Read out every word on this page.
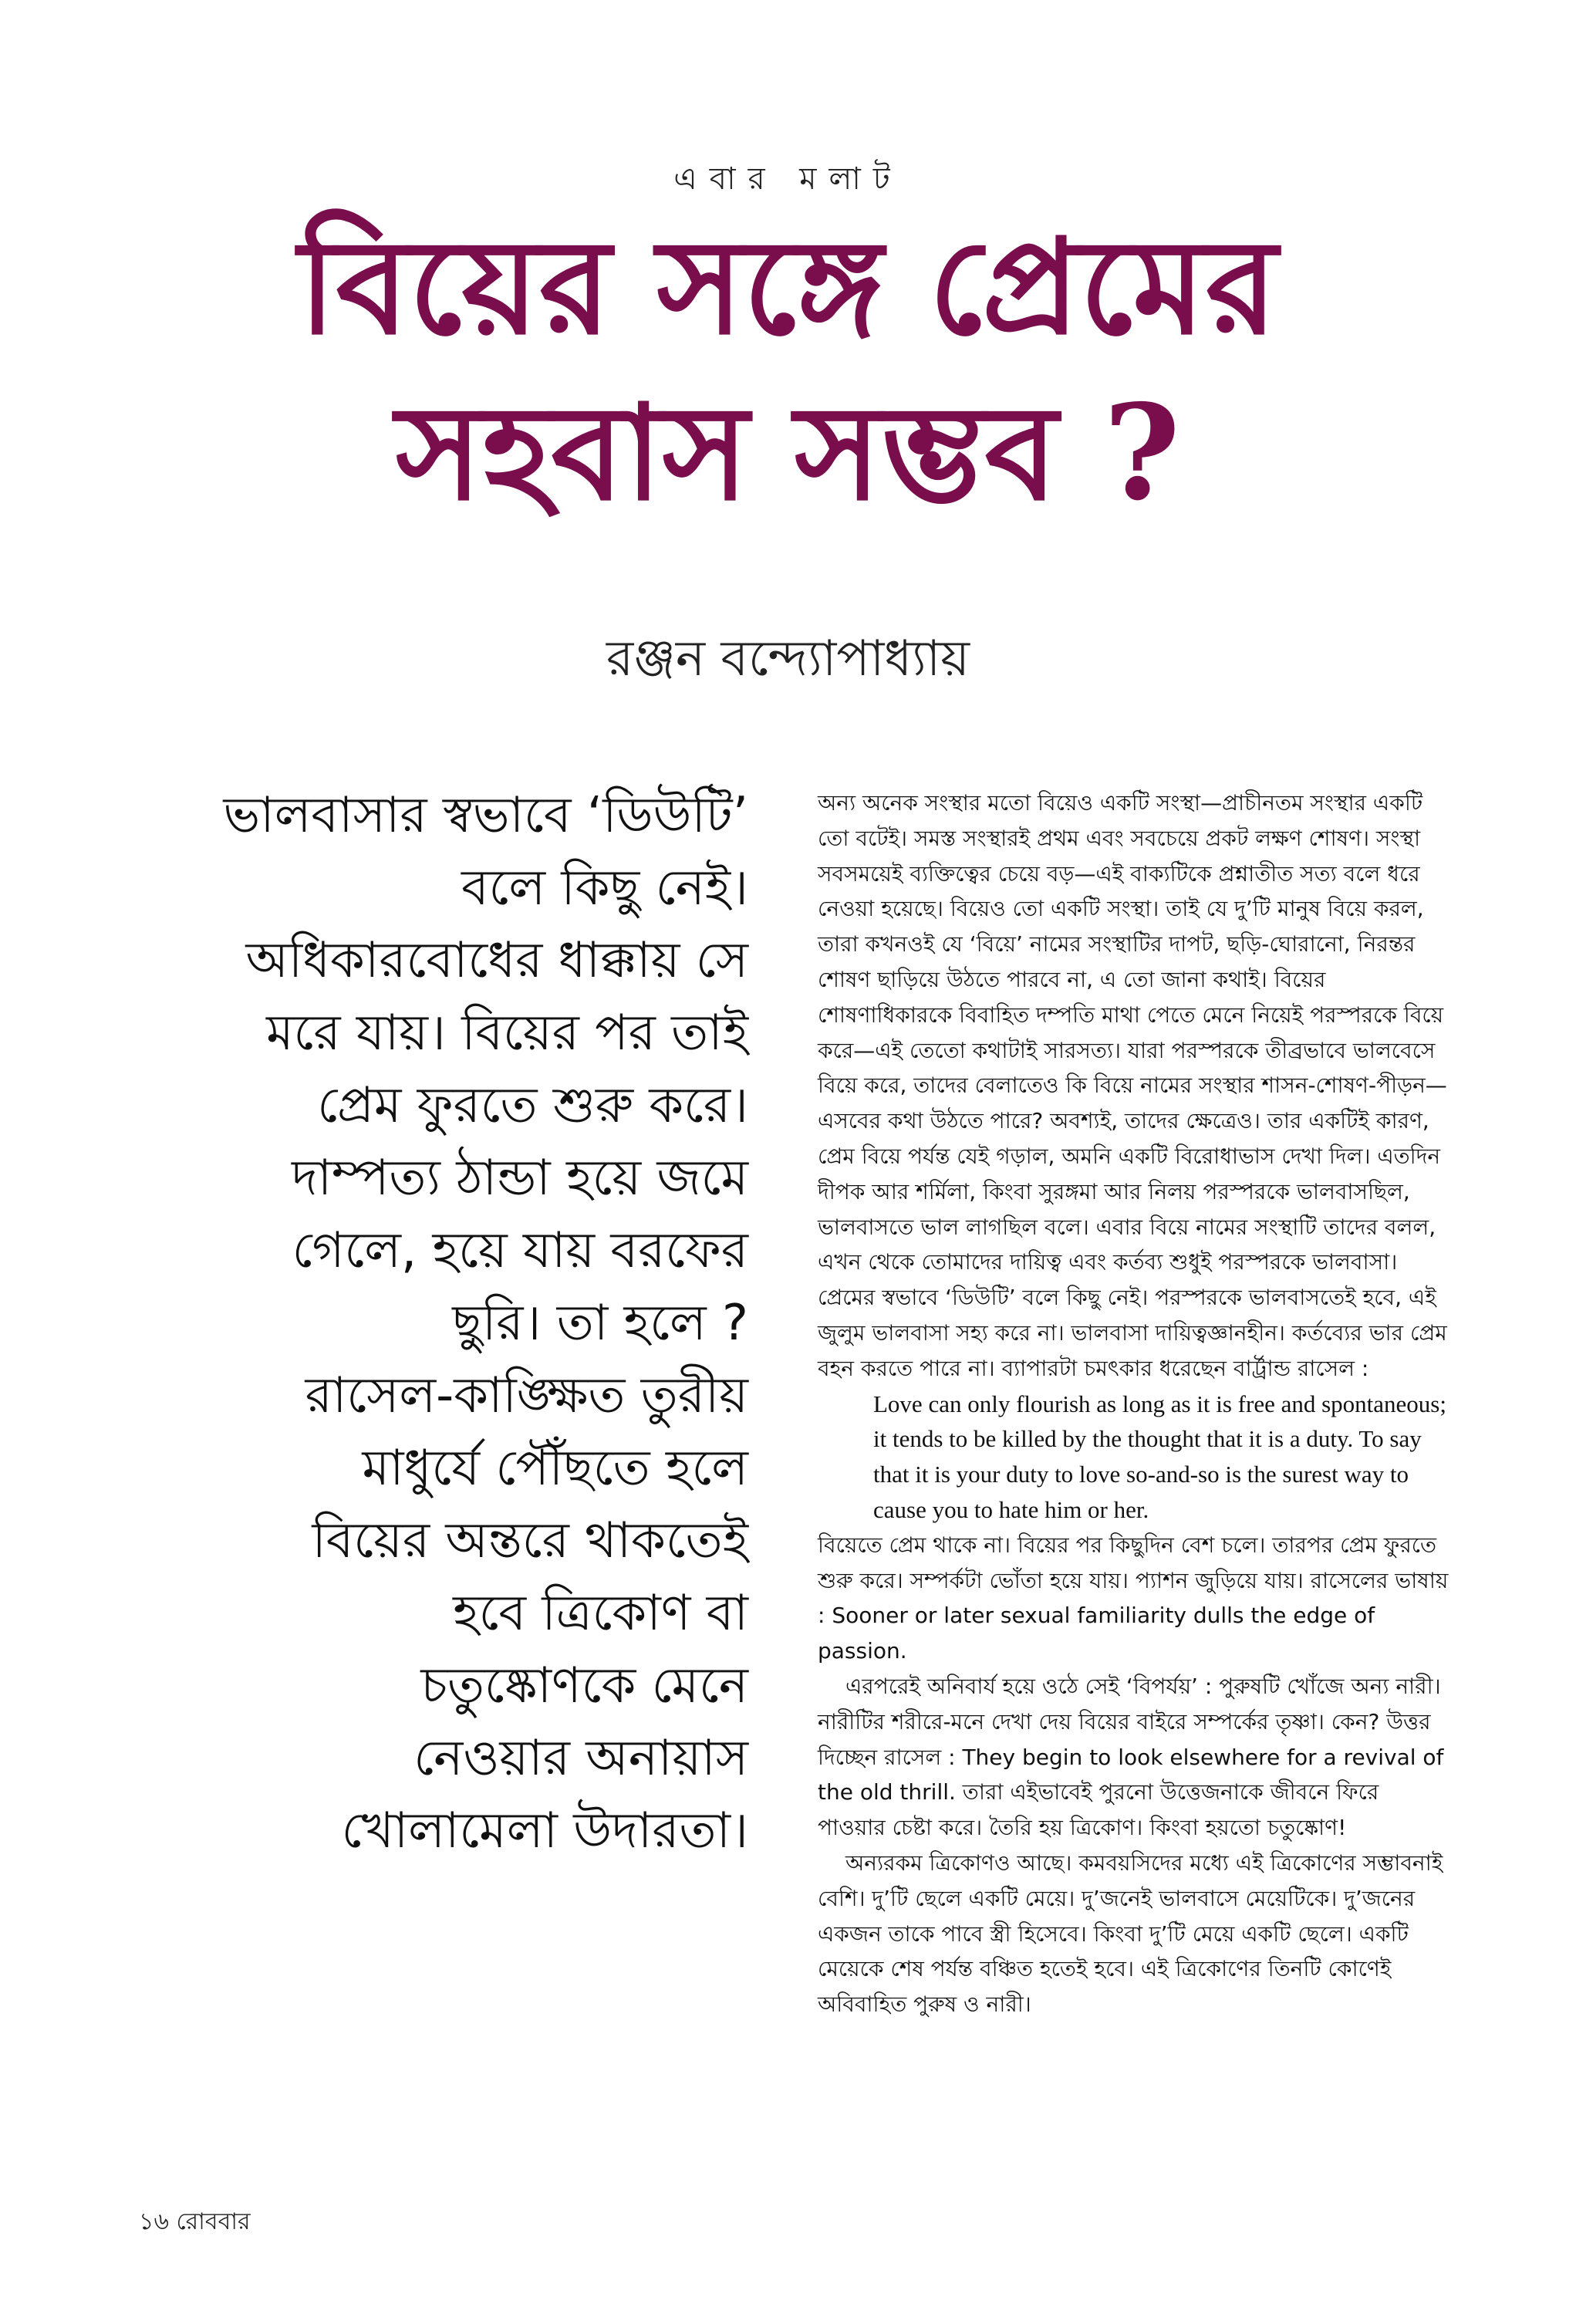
এবার মলাট
বিয়ের সঙ্গে প্রেমের
সহবাস সম্ভব ?
রঞ্জন বন্দ্যোপাধ্যায়
ভালবাসার স্বভাবে ‘ডিউটি’
বলে কিছু নেই।
অধিকারবোধের ধাক্কায় সে
মরে যায়। বিয়ের পর তাই
প্রেম ফুরতে শুরু করে।
দাম্পত্য ঠান্ডা হয়ে জমে
গেলে, হয়ে যায় বরফের
ছুরি। তা হলে ?
রাসেল-কাঙ্ক্ষিত তুরীয়
মাধুর্যে পৌঁছতে হলে
বিয়ের অন্তরে থাকতেই
হবে ত্রিকোণ বা
চতুষ্কোণকে মেনে
নেওয়ার অনায়াস
খোলামেলা উদারতা।

অন্য অনেক সংস্থার মতো বিয়েও একটি সংস্থা—প্রাচীনতম সংস্থার একটি তো বটেই। সমস্ত সংস্থারই প্রথম এবং সবচেয়ে প্রকট লক্ষণ শোষণ। সংস্থা সবসময়েই ব্যক্তিত্বের চেয়ে বড়—এই বাক্যটিকে প্রশ্নাতীত সত্য বলে ধরে নেওয়া হয়েছে। বিয়েও তো একটি সংস্থা। তাই যে দু’টি মানুষ বিয়ে করল, তারা কখনওই যে ‘বিয়ে’ নামের সংস্থাটির দাপট, ছড়ি-ঘোরানো, নিরন্তর শোষণ ছাড়িয়ে উঠতে পারবে না, এ তো জানা কথাই। বিয়ের শোষণাধিকারকে বিবাহিত দম্পতি মাথা পেতে মেনে নিয়েই পরস্পরকে বিয়ে করে—এই তেতো কথাটাই সারসত্য। যারা পরস্পরকে তীব্রভাবে ভালবেসে বিয়ে করে, তাদের বেলাতেও কি বিয়ে নামের সংস্থার শাসন-শোষণ-পীড়ন—এসবের কথা উঠতে পারে? অবশ্যই, তাদের ক্ষেত্রেও। তার একটিই কারণ, প্রেম বিয়ে পর্যন্ত যেই গড়াল, অমনি একটি বিরোধাভাস দেখা দিল। এতদিন দীপক আর শর্মিলা, কিংবা সুরঙ্গমা আর নিলয় পরস্পরকে ভালবাসছিল, ভালবাসতে ভাল লাগছিল বলে। এবার বিয়ে নামের সংস্থাটি তাদের বলল, এখন থেকে তোমাদের দায়িত্ব এবং কর্তব্য শুধুই পরস্পরকে ভালবাসা। প্রেমের স্বভাবে ‘ডিউটি’ বলে কিছু নেই। পরস্পরকে ভালবাসতেই হবে, এই জুলুম ভালবাসা সহ্য করে না। ভালবাসা দায়িত্বজ্ঞানহীন। কর্তব্যের ভার প্রেম বহন করতে পারে না। ব্যাপারটা চমৎকার ধরেছেন বার্ট্রান্ড রাসেল :

Love can only flourish as long as it is free and spontaneous; it tends to be killed by the thought that it is a duty. To say that it is your duty to love so-and-so is the surest way to cause you to hate him or her.

বিয়েতে প্রেম থাকে না। বিয়ের পর কিছুদিন বেশ চলে। তারপর প্রেম ফুরতে শুরু করে। সম্পর্কটা ভোঁতা হয়ে যায়। প্যাশন জুড়িয়ে যায়। রাসেলের ভাষায় : Sooner or later sexual familiarity dulls the edge of passion.

এরপরেই অনিবার্য হয়ে ওঠে সেই ‘বিপর্যয়’ : পুরুষটি খোঁজে অন্য নারী। নারীটির শরীরে-মনে দেখা দেয় বিয়ের বাইরে সম্পর্কের তৃষ্ণা। কেন? উত্তর দিচ্ছেন রাসেল : They begin to look elsewhere for a revival of the old thrill. তারা এইভাবেই পুরনো উত্তেজনাকে জীবনে ফিরে পাওয়ার চেষ্টা করে। তৈরি হয় ত্রিকোণ। কিংবা হয়তো চতুষ্কোণ!

অন্যরকম ত্রিকোণও আছে। কমবয়সিদের মধ্যে এই ত্রিকোণের সম্ভাবনাই বেশি। দু’টি ছেলে একটি মেয়ে। দু’জনেই ভালবাসে মেয়েটিকে। দু’জনের একজন তাকে পাবে স্ত্রী হিসেবে। কিংবা দু’টি মেয়ে একটি ছেলে। একটি মেয়েকে শেষ পর্যন্ত বঞ্চিত হতেই হবে। এই ত্রিকোণের তিনটি কোণেই অবিবাহিত পুরুষ ও নারী।

১৬ রোববার
